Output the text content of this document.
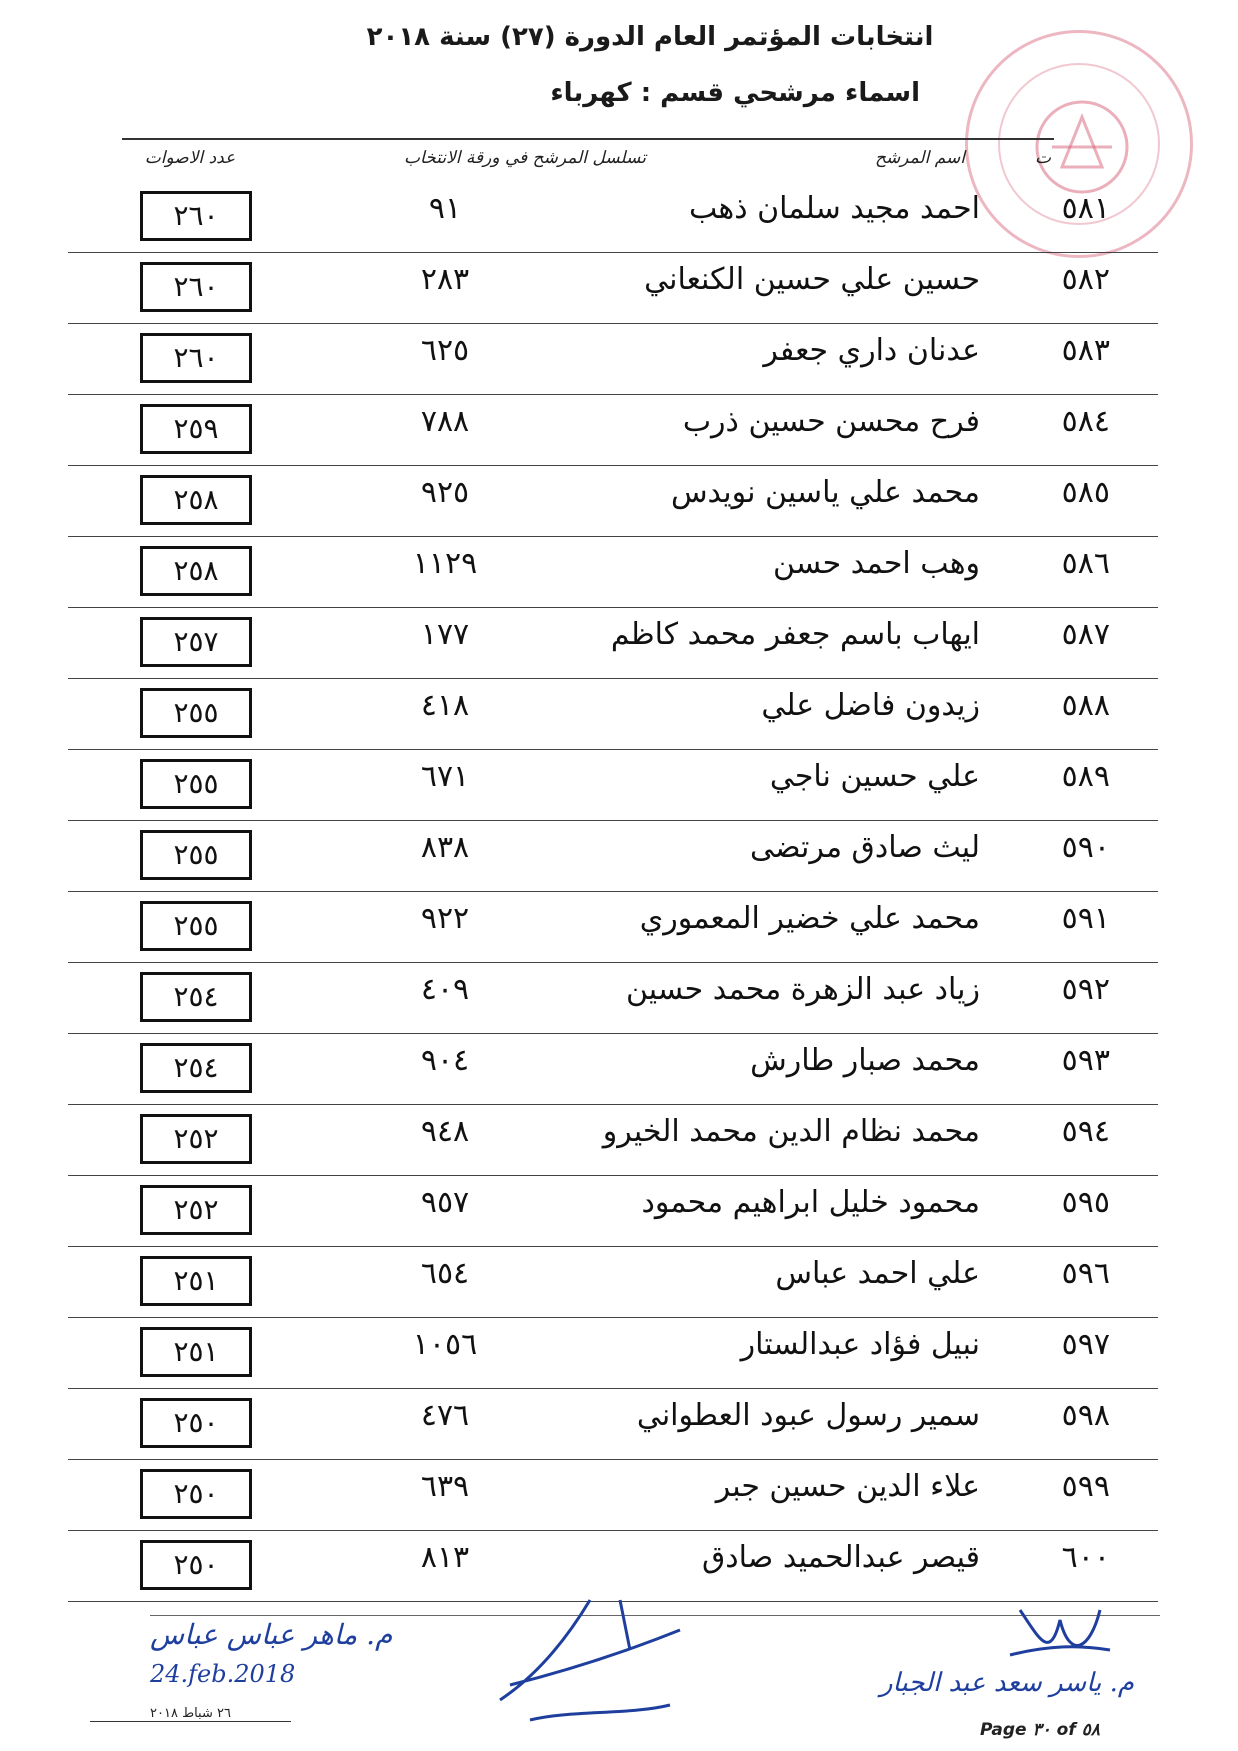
انتخابات المؤتمر العام الدورة (٢٧) سنة ٢٠١٨
اسماء مرشحي قسم : كهرباء
ت
اسم المرشح
تسلسل المرشح في ورقة الانتخاب
عدد الاصوات
٥٨١
احمد مجيد سلمان ذهب
٩١
٢٦٠
٥٨٢
حسين علي حسين الكنعاني
٢٨٣
٢٦٠
٥٨٣
عدنان داري جعفر
٦٢٥
٢٦٠
٥٨٤
فرح محسن حسين ذرب
٧٨٨
٢٥٩
٥٨٥
محمد علي ياسين نويدس
٩٢٥
٢٥٨
٥٨٦
وهب احمد حسن
١١٢٩
٢٥٨
٥٨٧
ايهاب باسم جعفر محمد كاظم
١٧٧
٢٥٧
٥٨٨
زيدون فاضل علي
٤١٨
٢٥٥
٥٨٩
علي حسين ناجي
٦٧١
٢٥٥
٥٩٠
ليث صادق مرتضى
٨٣٨
٢٥٥
٥٩١
محمد علي خضير المعموري
٩٢٢
٢٥٥
٥٩٢
زياد عبد الزهرة محمد حسين
٤٠٩
٢٥٤
٥٩٣
محمد صبار طارش
٩٠٤
٢٥٤
٥٩٤
محمد نظام الدين محمد الخيرو
٩٤٨
٢٥٢
٥٩٥
محمود خليل ابراهيم محمود
٩٥٧
٢٥٢
٥٩٦
علي احمد عباس
٦٥٤
٢٥١
٥٩٧
نبيل فؤاد عبدالستار
١٠٥٦
٢٥١
٥٩٨
سمير رسول عبود العطواني
٤٧٦
٢٥٠
٥٩٩
علاء الدين حسين جبر
٦٣٩
٢٥٠
٦٠٠
قيصر عبدالحميد صادق
٨١٣
٢٥٠
م. ماهر عباس عباس
24.feb.2018
٢٦ شباط ٢٠١٨
م. ياسر سعد عبد الجبار
Page ٣٠ of ٥٨
